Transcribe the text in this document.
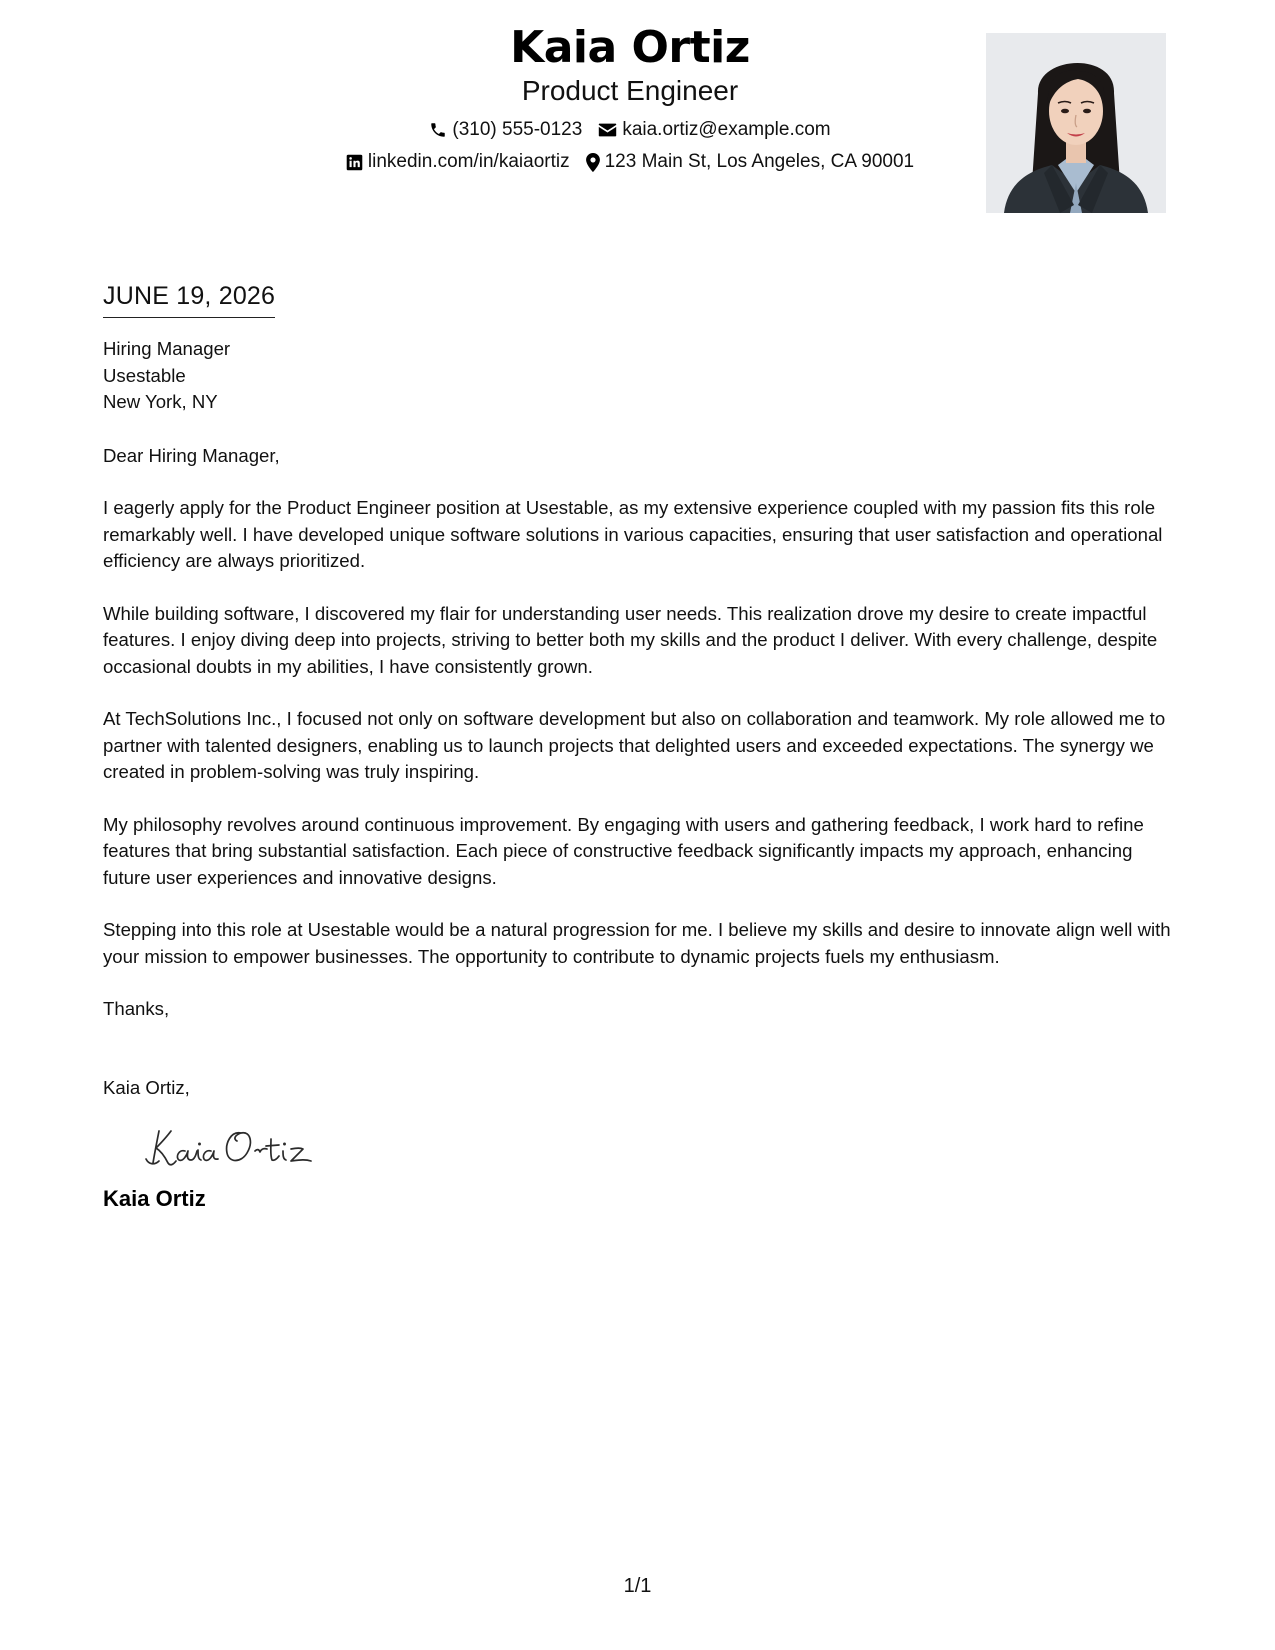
Kaia Ortiz
Product Engineer
(310) 555-0123 kaia.ortiz@example.com
linkedin.com/in/kaiaortiz 123 Main St, Los Angeles, CA 90001
JUNE 19, 2026
Hiring Manager
Usestable
New York, NY
Dear Hiring Manager,
I eagerly apply for the Product Engineer position at Usestable, as my extensive experience coupled with my passion fits this role remarkably well. I have developed unique software solutions in various capacities, ensuring that user satisfaction and operational efficiency are always prioritized.
While building software, I discovered my flair for understanding user needs. This realization drove my desire to create impactful features. I enjoy diving deep into projects, striving to better both my skills and the product I deliver. With every challenge, despite occasional doubts in my abilities, I have consistently grown.
At TechSolutions Inc., I focused not only on software development but also on collaboration and teamwork. My role allowed me to partner with talented designers, enabling us to launch projects that delighted users and exceeded expectations. The synergy we created in problem-solving was truly inspiring.
My philosophy revolves around continuous improvement. By engaging with users and gathering feedback, I work hard to refine features that bring substantial satisfaction. Each piece of constructive feedback significantly impacts my approach, enhancing future user experiences and innovative designs.
Stepping into this role at Usestable would be a natural progression for me. I believe my skills and desire to innovate align well with your mission to empower businesses. The opportunity to contribute to dynamic projects fuels my enthusiasm.
Thanks,
Kaia Ortiz,
Kaia Ortiz
1/1
